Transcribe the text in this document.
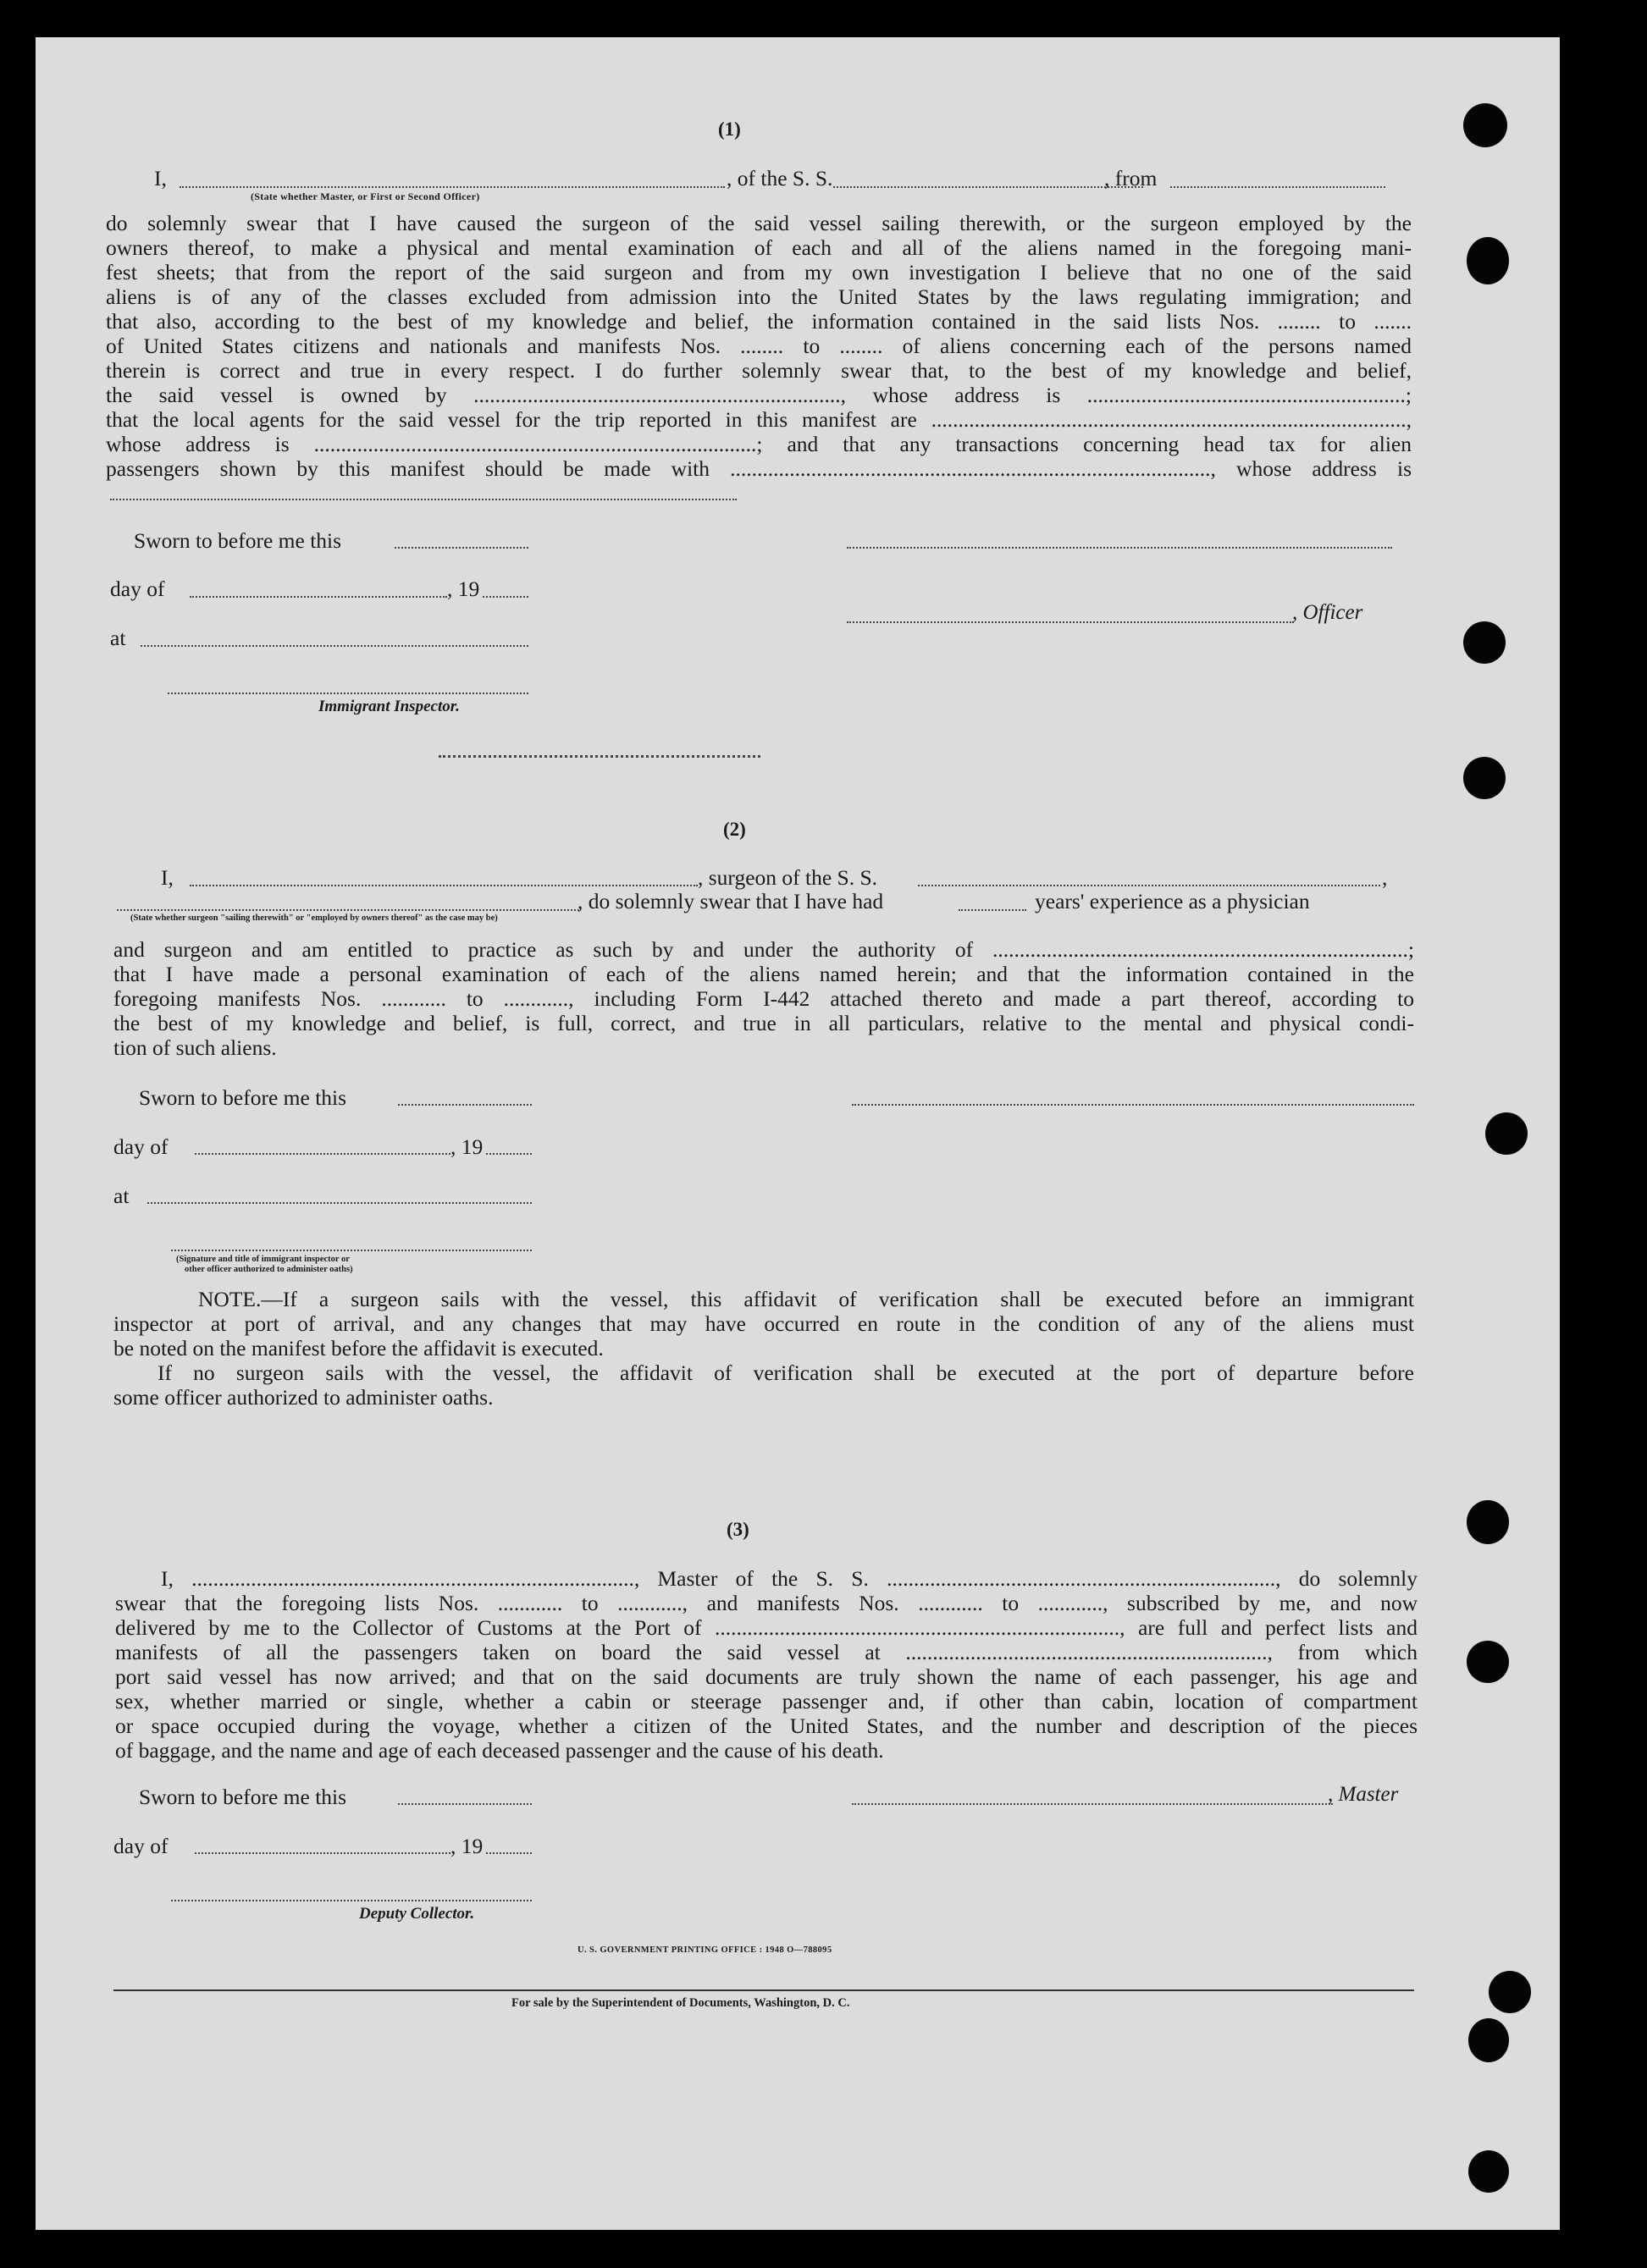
(1)
I,	, of the S. S.	, from
(State whether Master, or First or Second Officer)
do solemnly swear that I have caused the surgeon of the said vessel sailing therewith, or the surgeon employed by the
owners thereof, to make a physical and mental examination of each and all of the aliens named in the foregoing mani-
fest sheets; that from the report of the said surgeon and from my own investigation I believe that no one of the said
aliens is of any of the classes excluded from admission into the United States by the laws regulating immigration; and
that also, according to the best of my knowledge and belief, the information contained in the said lists Nos. ........ to .......
of United States citizens and nationals and manifests Nos. ........ to ........ of aliens concerning each of the persons named
therein is correct and true in every respect. I do further solemnly swear that, to the best of my knowledge and belief,
the said vessel is owned by ...................................................................., whose address is ...........................................................;
that the local agents for the said vessel for the trip reported in this manifest are ........................................................................................,
whose address is ..................................................................................; and that any transactions concerning head tax for alien
passengers shown by this manifest should be made with ........................................................................................., whose address is
Sworn to before me this
day of	, 19
, Officer
at
Immigrant Inspector.
(2)
I,	, surgeon of the S. S.	,
, do solemnly swear that I have had	years' experience as a physician
(State whether surgeon "sailing therewith" or "employed by owners thereof" as the case may be)
and surgeon and am entitled to practice as such by and under the authority of .............................................................................;
that I have made a personal examination of each of the aliens named herein; and that the information contained in the
foregoing manifests Nos. ............ to ............, including Form I-442 attached thereto and made a part thereof, according to
the best of my knowledge and belief, is full, correct, and true in all particulars, relative to the mental and physical condi-
tion of such aliens.
Sworn to before me this
day of	, 19
at
(Signature and title of immigrant inspector or
other officer authorized to administer oaths)
NOTE.—If a surgeon sails with the vessel, this affidavit of verification shall be executed before an immigrant
inspector at port of arrival, and any changes that may have occurred en route in the condition of any of the aliens must
be noted on the manifest before the affidavit is executed.
If no surgeon sails with the vessel, the affidavit of verification shall be executed at the port of departure before
some officer authorized to administer oaths.
(3)
I, .................................................................................., Master of the S. S. ........................................................................, do solemnly
swear that the foregoing lists Nos. ............ to ............, and manifests Nos. ............ to ............, subscribed by me, and now
delivered by me to the Collector of Customs at the Port of ..........................................................................., are full and perfect lists and
manifests of all the passengers taken on board the said vessel at ..................................................................., from which
port said vessel has now arrived; and that on the said documents are truly shown the name of each passenger, his age and
sex, whether married or single, whether a cabin or steerage passenger and, if other than cabin, location of compartment
or space occupied during the voyage, whether a citizen of the United States, and the number and description of the pieces
of baggage, and the name and age of each deceased passenger and the cause of his death.
Sworn to before me this	, Master
day of	, 19
Deputy Collector.
U. S. GOVERNMENT PRINTING OFFICE : 1948 O—788095
For sale by the Superintendent of Documents, Washington, D. C.
